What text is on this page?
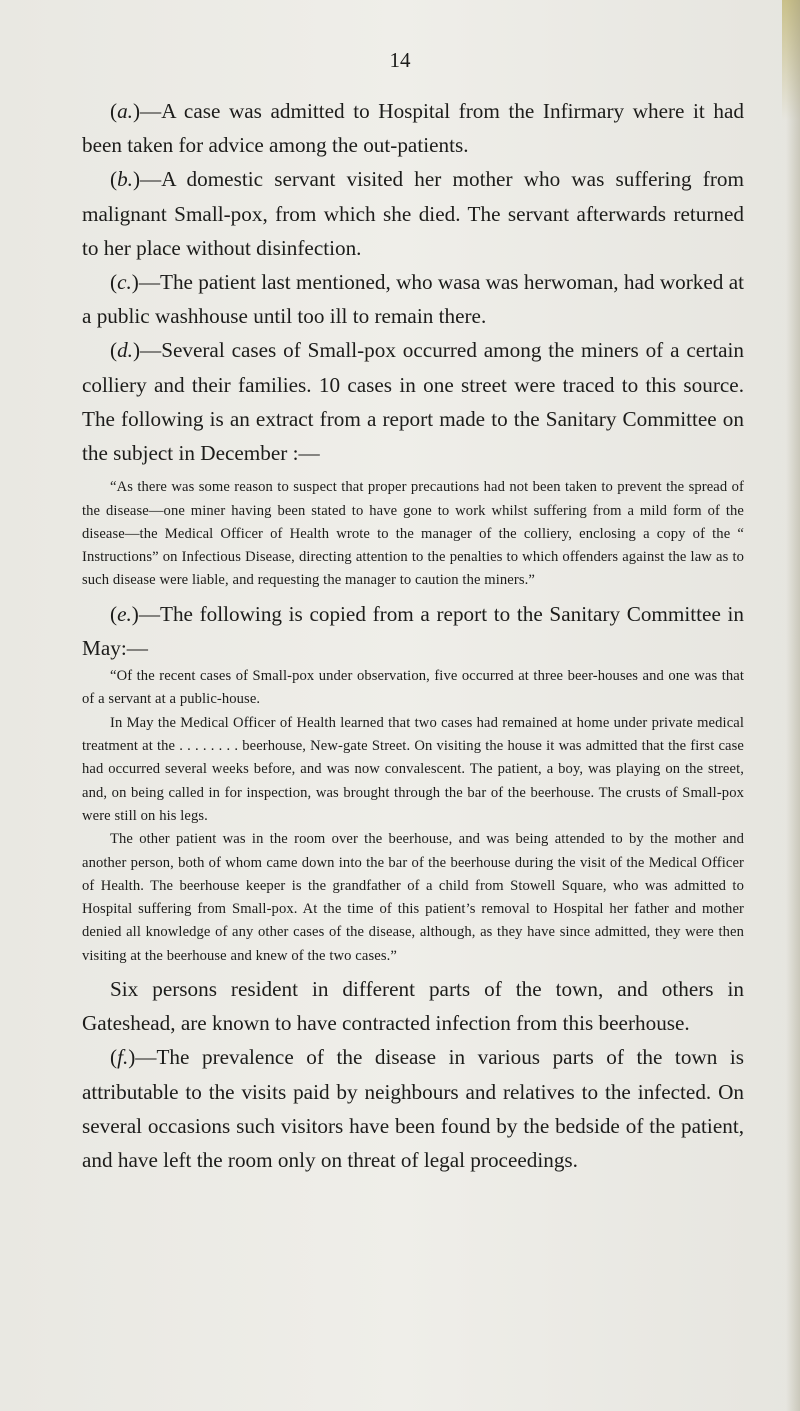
14

(a.)—A case was admitted to Hospital from the Infirmary where it had been taken for advice among the out-patients.

(b.)—A domestic servant visited her mother who was suffering from malignant Small-pox, from which she died. The servant afterwards returned to her place without disinfection.

(c.)—The patient last mentioned, who wasa was herwoman, had worked at a public washhouse until too ill to remain there.

(d.)—Several cases of Small-pox occurred among the miners of a certain colliery and their families. 10 cases in one street were traced to this source. The following is an extract from a report made to the Sanitary Committee on the subject in December :—

“As there was some reason to suspect that proper precautions had not been taken to prevent the spread of the disease—one miner having been stated to have gone to work whilst suffering from a mild form of the disease—the Medical Officer of Health wrote to the manager of the colliery, enclosing a copy of the “ Instructions” on Infectious Disease, directing attention to the penalties to which offenders against the law as to such disease were liable, and requesting the manager to caution the miners.”

(e.)—The following is copied from a report to the Sanitary Committee in May:—

“Of the recent cases of Small-pox under observation, five occurred at three beer-houses and one was that of a servant at a public-house.

In May the Medical Officer of Health learned that two cases had remained at home under private medical treatment at the . . . . . . . . beerhouse, New-gate Street. On visiting the house it was admitted that the first case had occurred several weeks before, and was now convalescent. The patient, a boy, was playing on the street, and, on being called in for inspection, was brought through the bar of the beerhouse. The crusts of Small-pox were still on his legs.

The other patient was in the room over the beerhouse, and was being attended to by the mother and another person, both of whom came down into the bar of the beerhouse during the visit of the Medical Officer of Health. The beerhouse keeper is the grandfather of a child from Stowell Square, who was admitted to Hospital suffering from Small-pox. At the time of this patient’s removal to Hospital her father and mother denied all knowledge of any other cases of the disease, although, as they have since admitted, they were then visiting at the beerhouse and knew of the two cases.”

Six persons resident in different parts of the town, and others in Gateshead, are known to have contracted infection from this beerhouse.

(f.)—The prevalence of the disease in various parts of the town is attributable to the visits paid by neighbours and relatives to the infected. On several occasions such visitors have been found by the bedside of the patient, and have left the room only on threat of legal proceedings.
